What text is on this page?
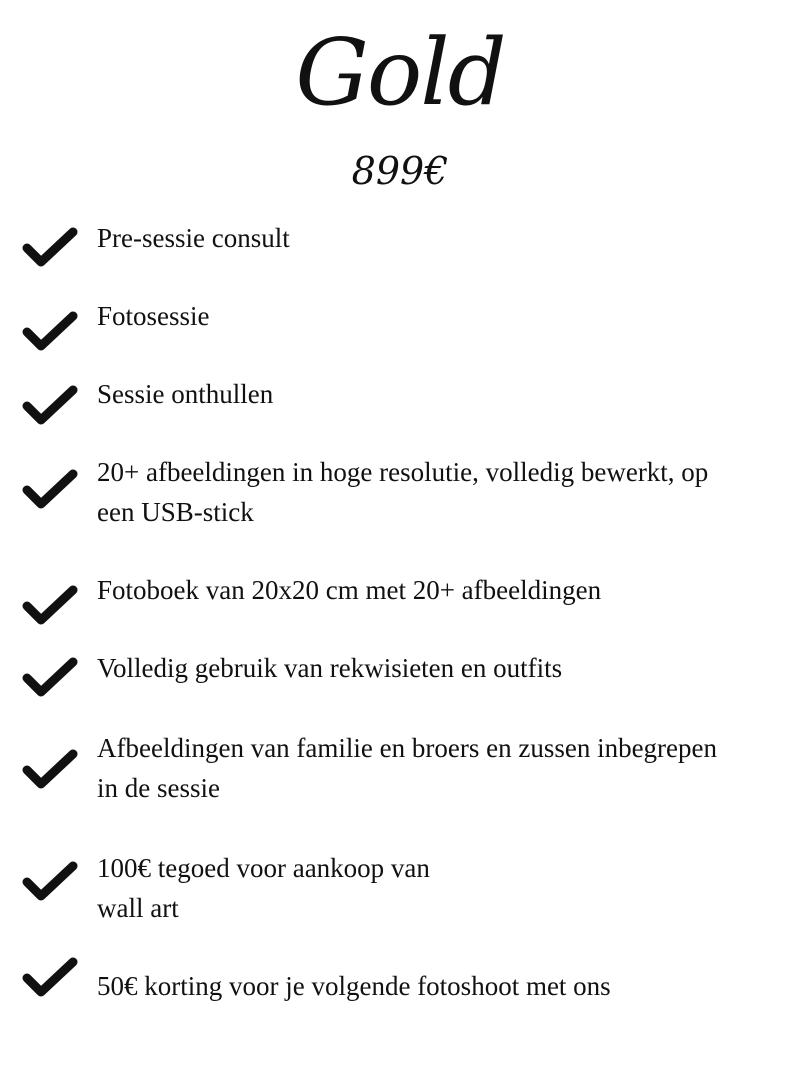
Gold
899€
Pre-sessie consult
Fotosessie
Sessie onthullen
20+ afbeeldingen in hoge resolutie, volledig bewerkt, op
een USB-stick
Fotoboek van 20x20 cm met 20+ afbeeldingen
Volledig gebruik van rekwisieten en outfits
Afbeeldingen van familie en broers en zussen inbegrepen
in de sessie
100€ tegoed voor aankoop van
wall art
50€ korting voor je volgende fotoshoot met ons
